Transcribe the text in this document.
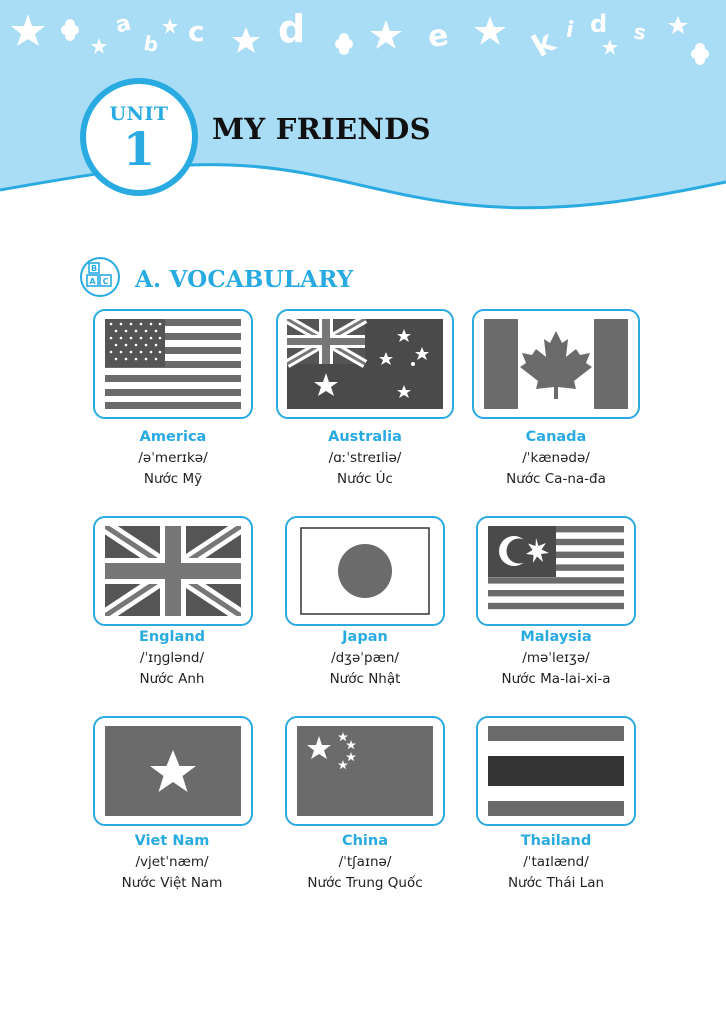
a
b c d	e	k i d s
UNIT
1 MY FRIENDS
B
A C A. VOCABULARY
America
/əˈmerɪkə/
Nước Mỹ
Australia
/ɑːˈstreɪliə/
Nước Úc
Canada
/ˈkænədə/
Nước Ca-na-đa
England
/ˈɪŋɡlənd/
Nước Anh
Japan
/dʒəˈpæn/
Nước Nhật
Malaysia
/məˈleɪʒə/
Nước Ma-lai-xi-a
Viet Nam
/vjetˈnæm/
Nước Việt Nam
China
/ˈtʃaɪnə/
Nước Trung Quốc
Thailand
/ˈtaɪlænd/
Nước Thái Lan
